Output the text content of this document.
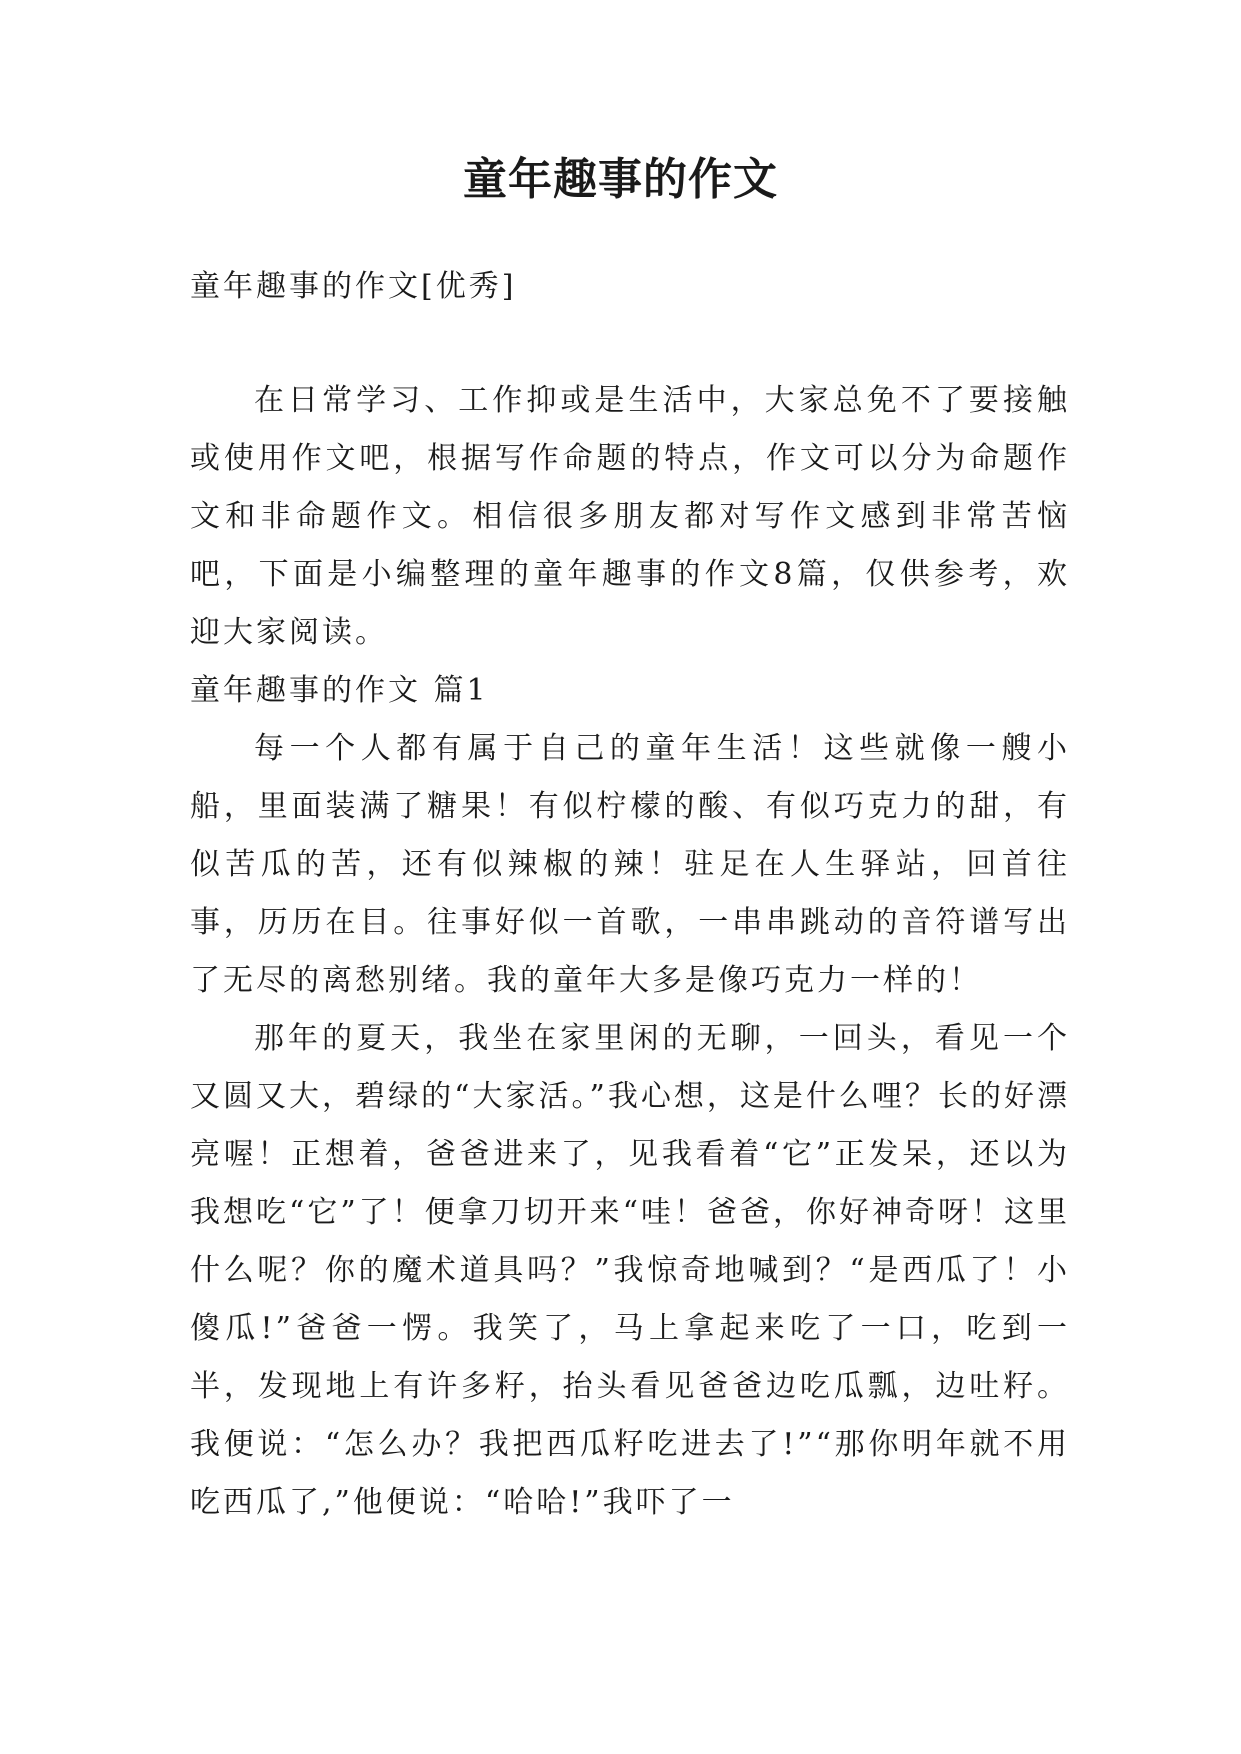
童年趣事的作文

童年趣事的作文[优秀]

在日常学习、工作抑或是生活中，大家总免不了要接触或使用作文吧，根据写作命题的特点，作文可以分为命题作文和非命题作文。相信很多朋友都对写作文感到非常苦恼吧，下面是小编整理的童年趣事的作文8篇，仅供参考，欢迎大家阅读。

童年趣事的作文 篇1

每一个人都有属于自己的童年生活！这些就像一艘小船，里面装满了糖果！有似柠檬的酸、有似巧克力的甜，有似苦瓜的苦，还有似辣椒的辣！驻足在人生驿站，回首往事，历历在目。往事好似一首歌，一串串跳动的音符谱写出了无尽的离愁别绪。我的童年大多是像巧克力一样的！

那年的夏天，我坐在家里闲的无聊，一回头，看见一个又圆又大，碧绿的“大家活。”我心想，这是什么哩？长的好漂亮喔！正想着，爸爸进来了，见我看着“它”正发呆，还以为我想吃“它”了！便拿刀切开来“哇！爸爸，你好神奇呀！这里什么呢？你的魔术道具吗？”我惊奇地喊到？“是西瓜了！小傻瓜!”爸爸一愣。我笑了，马上拿起来吃了一口，吃到一半，发现地上有许多籽，抬头看见爸爸边吃瓜瓢，边吐籽。我便说：“怎么办？我把西瓜籽吃进去了!”“那你明年就不用吃西瓜了,”他便说：“哈哈!”我吓了一
